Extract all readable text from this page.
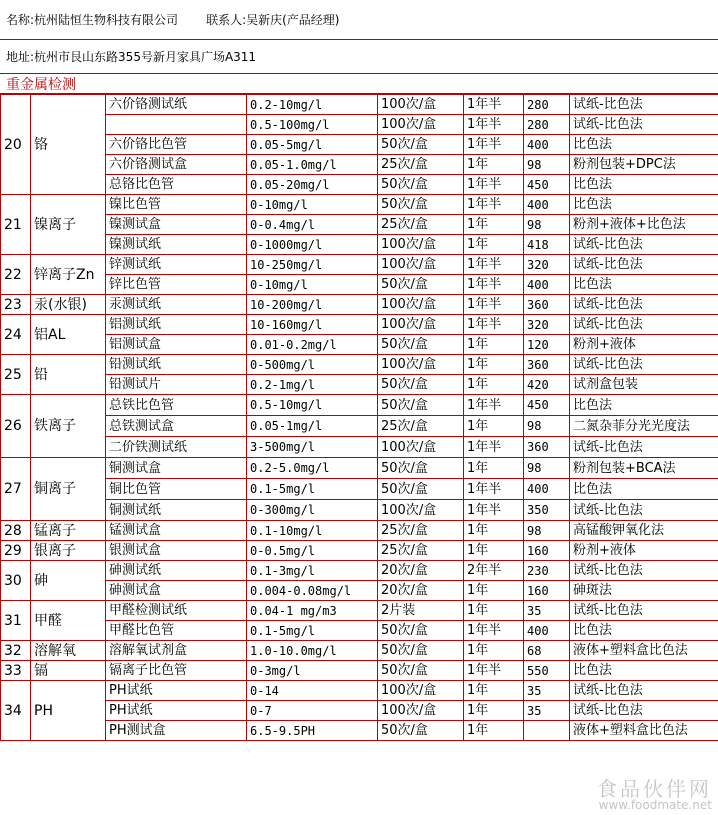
名称: 杭州陆恒生物科技有限公司 联系人: 吴新庆(产品经理)
地址: 杭州市艮山东路355号新月家具广场A311
重金属检测
20	铬	六价铬测试纸	0.2-10mg/l	100次/盒	1年半	280	试纸-比色法
			0.5-100mg/l	100次/盒	1年半	280	试纸-比色法
		六价铬比色管	0.05-5mg/l	50次/盒	1年半	400	比色法
		六价铬测试盒	0.05-1.0mg/l	25次/盒	1年	98	粉剂包装+DPC法
		总铬比色管	0.05-20mg/l	50次/盒	1年半	450	比色法
21	镍离子	镍比色管	0-10mg/l	50次/盒	1年半	400	比色法
		镍测试盒	0-0.4mg/l	25次/盒	1年	98	粉剂+液体+比色法
		镍测试纸	0-1000mg/l	100次/盒	1年	418	试纸-比色法
22	锌离子Zn	锌测试纸	10-250mg/l	100次/盒	1年半	320	试纸-比色法
		锌比色管	0-10mg/l	50次/盒	1年半	400	比色法
23	汞(水银)	汞测试纸	10-200mg/l	100次/盒	1年半	360	试纸-比色法
24	铝AL	铝测试纸	10-160mg/l	100次/盒	1年半	320	试纸-比色法
		铝测试盒	0.01-0.2mg/l	50次/盒	1年	120	粉剂+液体
25	铅	铅测试纸	0-500mg/l	100次/盒	1年	360	试纸-比色法
		铅测试片	0.2-1mg/l	50次/盒	1年	420	试剂盒包装
26	铁离子	总铁比色管	0.5-10mg/l	50次/盒	1年半	450	比色法
		总铁测试盒	0.05-1mg/l	25次/盒	1年	98	二氮杂菲分光光度法
		二价铁测试纸	3-500mg/l	100次/盒	1年半	360	试纸-比色法
27	铜离子	铜测试盒	0.2-5.0mg/l	50次/盒	1年	98	粉剂包装+BCA法
		铜比色管	0.1-5mg/l	50次/盒	1年半	400	比色法
		铜测试纸	0-300mg/l	100次/盒	1年半	350	试纸-比色法
28	锰离子	锰测试盒	0.1-10mg/l	25次/盒	1年	98	高锰酸钾氧化法
29	银离子	银测试盒	0-0.5mg/l	25次/盒	1年	160	粉剂+液体
30	砷	砷测试纸	0.1-3mg/l	20次/盒	2年半	230	试纸-比色法
		砷测试盒	0.004-0.08mg/l	20次/盒	1年	160	砷斑法
31	甲醛	甲醛检测试纸	0.04-1 mg/m3	2片装	1年	35	试纸-比色法
		甲醛比色管	0.1-5mg/l	50次/盒	1年半	400	比色法
32	溶解氧	溶解氧试剂盒	1.0-10.0mg/l	50次/盒	1年	68	液体+塑料盒比色法
33	镉	镉离子比色管	0-3mg/l	50次/盒	1年半	550	比色法
34	PH	PH试纸	0-14	100次/盒	1年	35	试纸-比色法
		PH试纸	0-7	100次/盒	1年	35	试纸-比色法
		PH测试盒	6.5-9.5PH	50次/盒	1年		液体+塑料盒比色法
食品伙伴网
www.foodmate.net
